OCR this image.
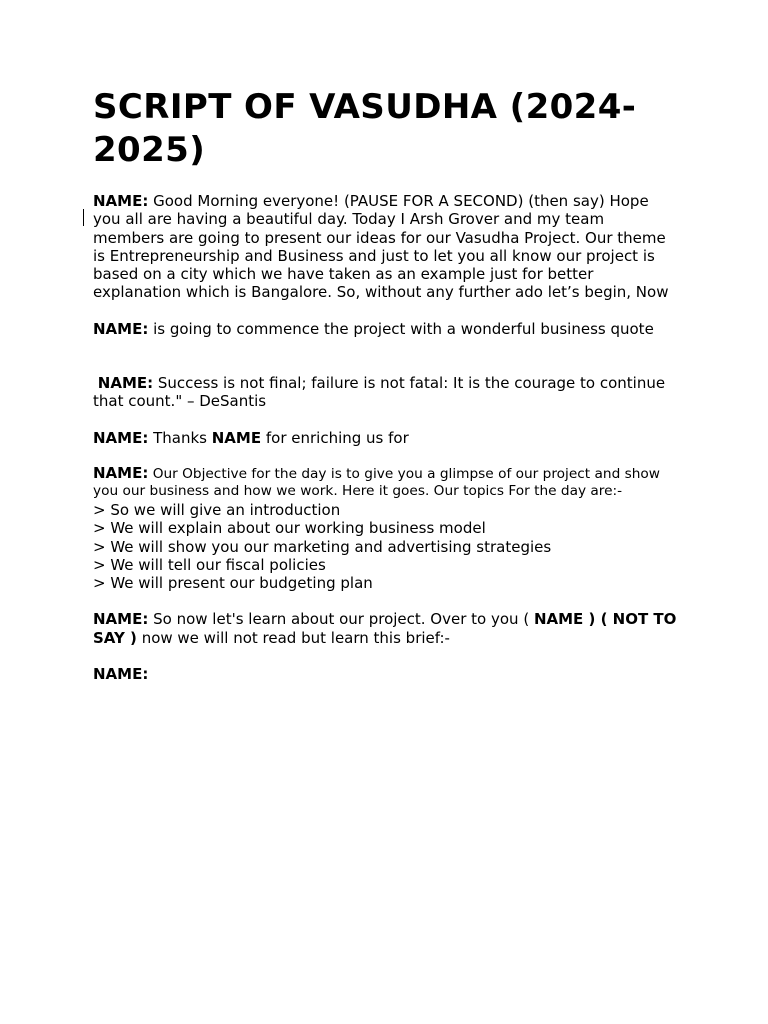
SCRIPT OF VASUDHA (2024-2025)

NAME: Good Morning everyone! (PAUSE FOR A SECOND) (then say) Hope you all are having a beautiful day. Today I Arsh Grover and my team members are going to present our ideas for our Vasudha Project. Our theme is Entrepreneurship and Business and just to let you all know our project is based on a city which we have taken as an example just for better explanation which is Bangalore. So, without any further ado let’s begin, Now

NAME: is going to commence the project with a wonderful business quote

NAME: Success is not final; failure is not fatal: It is the courage to continue that count." – DeSantis

NAME: Thanks NAME for enriching us for

NAME: Our Objective for the day is to give you a glimpse of our project and show you our business and how we work. Here it goes. Our topics For the day are:-
> So we will give an introduction
> We will explain about our working business model
> We will show you our marketing and advertising strategies
> We will tell our fiscal policies
> We will present our budgeting plan

NAME: So now let's learn about our project. Over to you ( NAME ) ( NOT TO SAY ) now we will not read but learn this brief:-

NAME:
